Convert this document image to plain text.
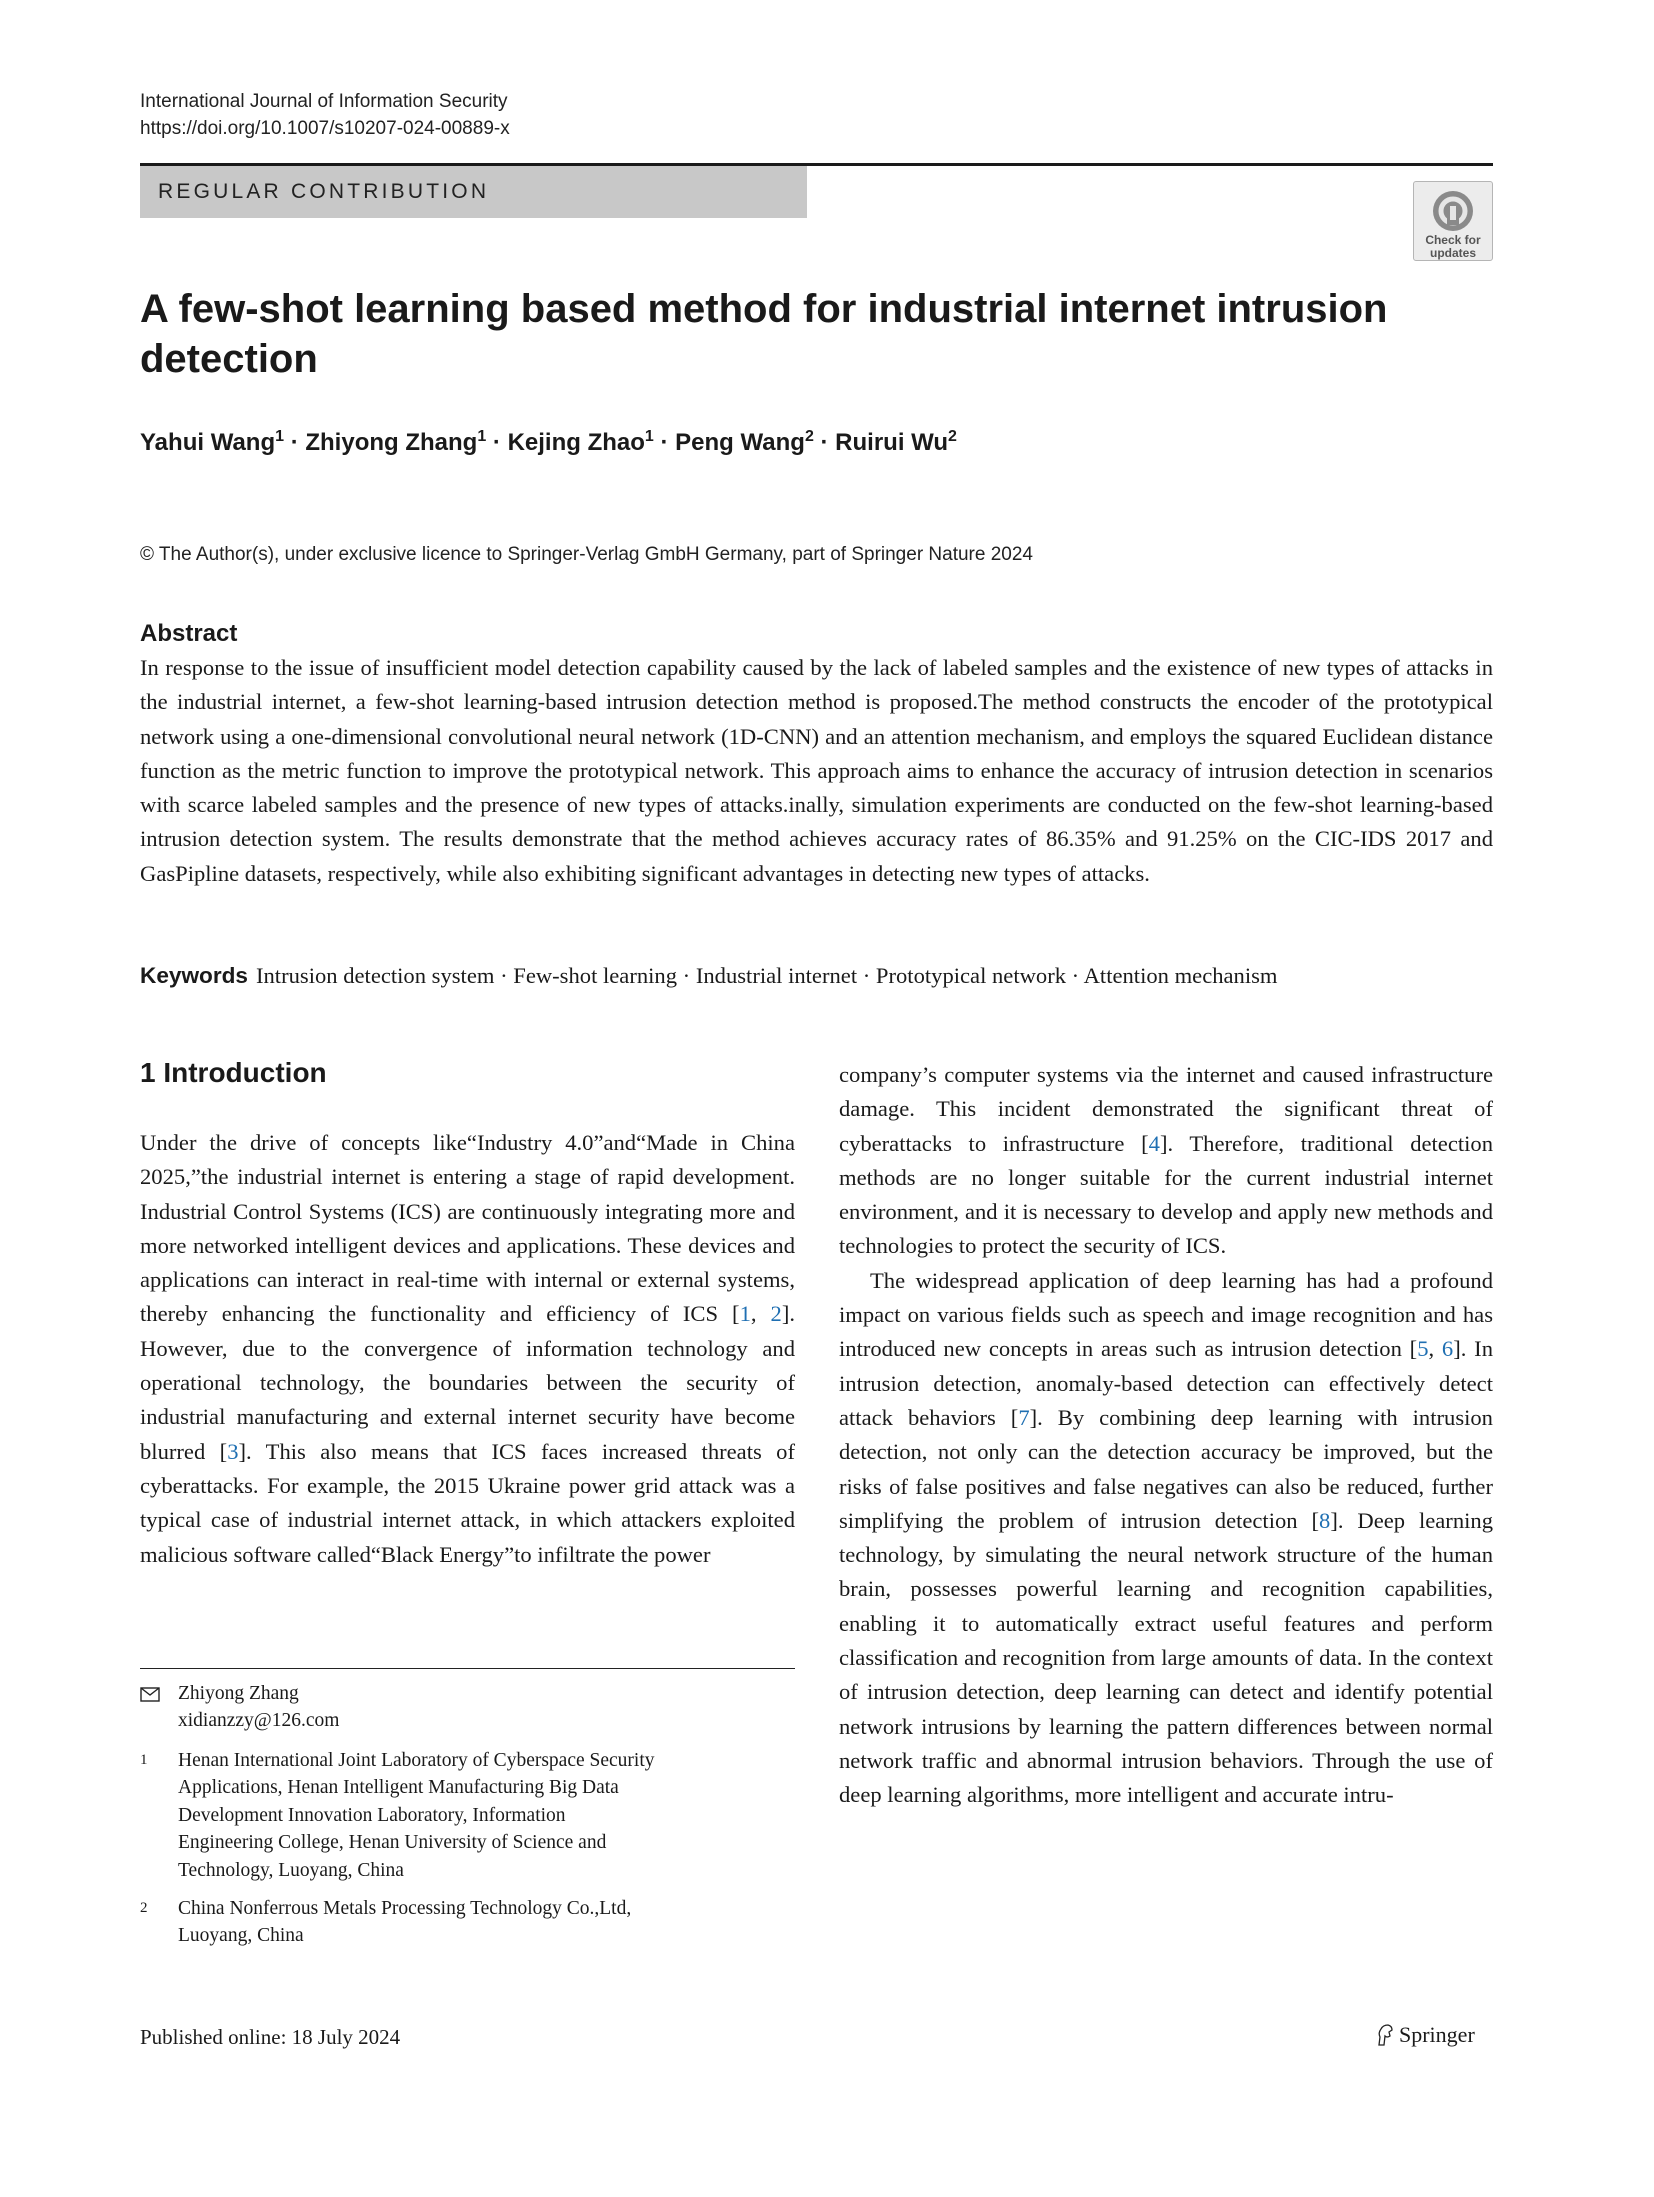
International Journal of Information Security
https://doi.org/10.1007/s10207-024-00889-x
REGULAR CONTRIBUTION
Check for
updates
A few-shot learning based method for industrial internet intrusion
detection
Yahui Wang$^1$ · Zhiyong Zhang$^1$ · Kejing Zhao$^1$ · Peng Wang$^2$ · Ruirui Wu$^2$
© The Author(s), under exclusive licence to Springer-Verlag GmbH Germany, part of Springer Nature 2024
Abstract

In response to the issue of insufficient model detection capability caused by the lack of labeled samples and the existence of new types of attacks in the industrial internet, a few-shot learning-based intrusion detection method is proposed.The method constructs the encoder of the prototypical network using a one-dimensional convolutional neural network (1D-CNN) and an attention mechanism, and employs the squared Euclidean distance function as the metric function to improve the prototypical network. This approach aims to enhance the accuracy of intrusion detection in scenarios with scarce labeled samples and the presence of new types of attacks.inally, simulation experiments are conducted on the few-shot learning-based intrusion detection system. The results demonstrate that the method achieves accuracy rates of 86.35% and 91.25% on the CIC-IDS 2017 and GasPipline datasets, respectively, while also exhibiting significant advantages in detecting new types of attacks.

Keywords Intrusion detection system · Few-shot learning · Industrial internet · Prototypical network · Attention mechanism
1 Introduction

Under the drive of concepts like“Industry 4.0”and“Made in China 2025,”the industrial internet is entering a stage of rapid development. Industrial Control Systems (ICS) are continuously integrating more and more networked intelligent devices and applications. These devices and applications can interact in real-time with internal or external systems, thereby enhancing the functionality and efficiency of ICS [1, 2]. However, due to the convergence of information technology and operational technology, the boundaries between the security of industrial manufacturing and external internet security have become blurred [3]. This also means that ICS faces increased threats of cyberattacks. For example, the 2015 Ukraine power grid attack was a typical case of industrial internet attack, in which attackers exploited malicious software called“Black Energy”to infiltrate the power

company’s computer systems via the internet and caused infrastructure damage. This incident demonstrated the significant threat of cyberattacks to infrastructure [4]. Therefore, traditional detection methods are no longer suitable for the current industrial internet environment, and it is necessary to develop and apply new methods and technologies to protect the security of ICS.

The widespread application of deep learning has had a profound impact on various fields such as speech and image recognition and has introduced new concepts in areas such as intrusion detection [5, 6]. In intrusion detection, anomaly-based detection can effectively detect attack behaviors [7]. By combining deep learning with intrusion detection, not only can the detection accuracy be improved, but the risks of false positives and false negatives can also be reduced, further simplifying the problem of intrusion detection [8]. Deep learning technology, by simulating the neural network structure of the human brain, possesses powerful learning and recognition capabilities, enabling it to automatically extract useful features and perform classification and recognition from large amounts of data. In the context of intrusion detection, deep learning can detect and identify potential network intrusions by learning the pattern differences between normal network traffic and abnormal intrusion behaviors. Through the use of deep learning algorithms, more intelligent and accurate intru-

Zhiyong Zhang
xidianzzy@126.com
1 Henan International Joint Laboratory of Cyberspace Security
Applications, Henan Intelligent Manufacturing Big Data
Development Innovation Laboratory, Information
Engineering College, Henan University of Science and
Technology, Luoyang, China
2 China Nonferrous Metals Processing Technology Co.,Ltd,
Luoyang, China
Published online: 18 July 2024	Springer
